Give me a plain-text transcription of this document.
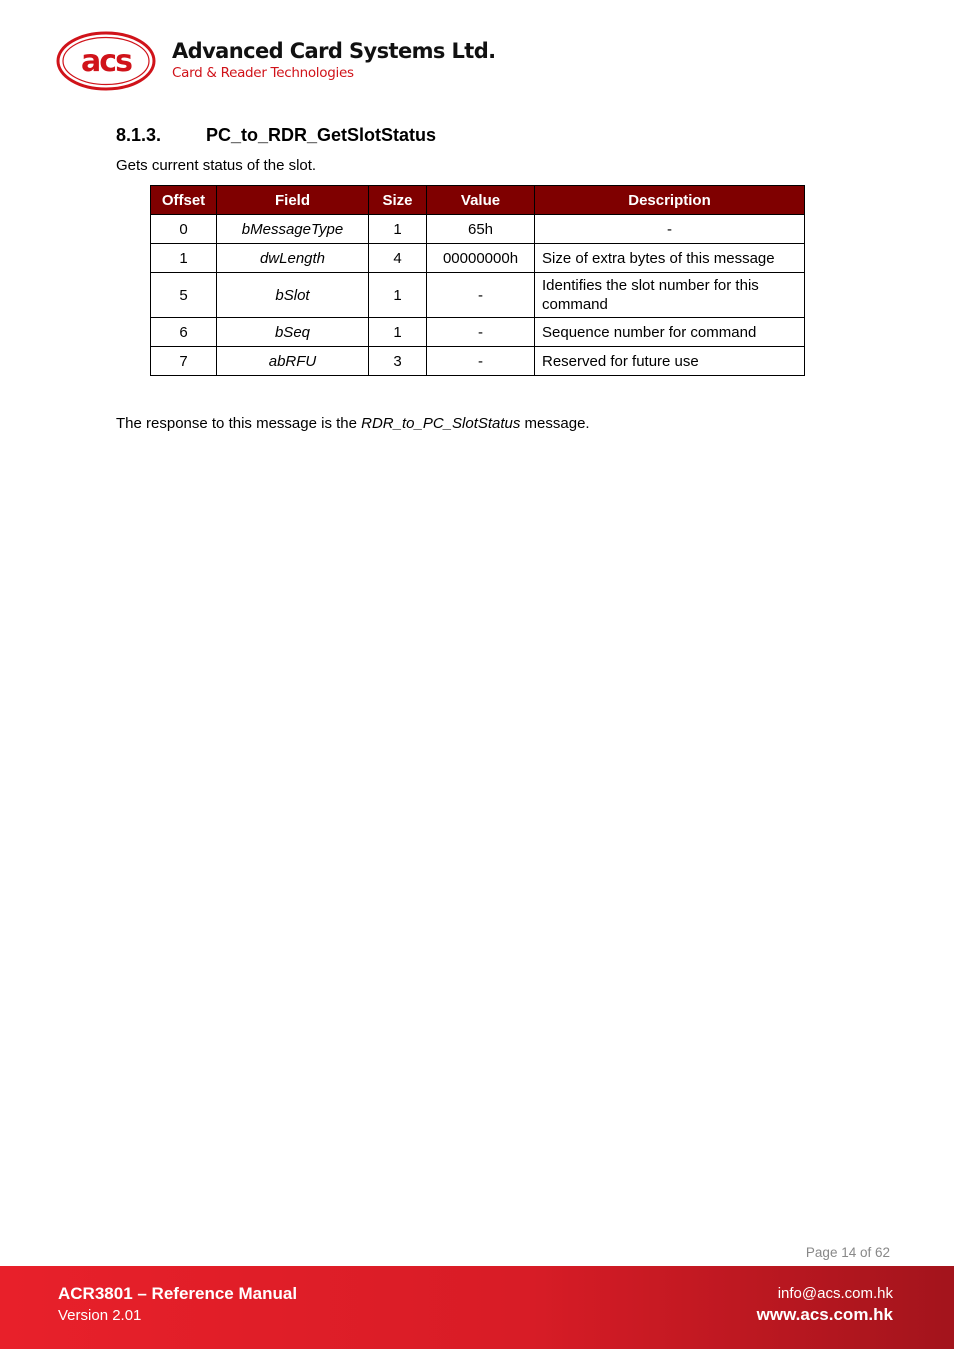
acs Advanced Card Systems Ltd.
Card & Reader Technologies
8.1.3. PC_to_RDR_GetSlotStatus
Gets current status of the slot.
Offset	Field	Size	Value	Description
0	bMessageType	1	65h	-
1	dwLength	4	00000000h	Size of extra bytes of this message
5	bSlot	1	-	Identifies the slot number for this command
6	bSeq	1	-	Sequence number for command
7	abRFU	3	-	Reserved for future use
The response to this message is the RDR_to_PC_SlotStatus message.
Page 14 of 62
ACR3801 – Reference Manual
Version 2.01
info@acs.com.hk
www.acs.com.hk
